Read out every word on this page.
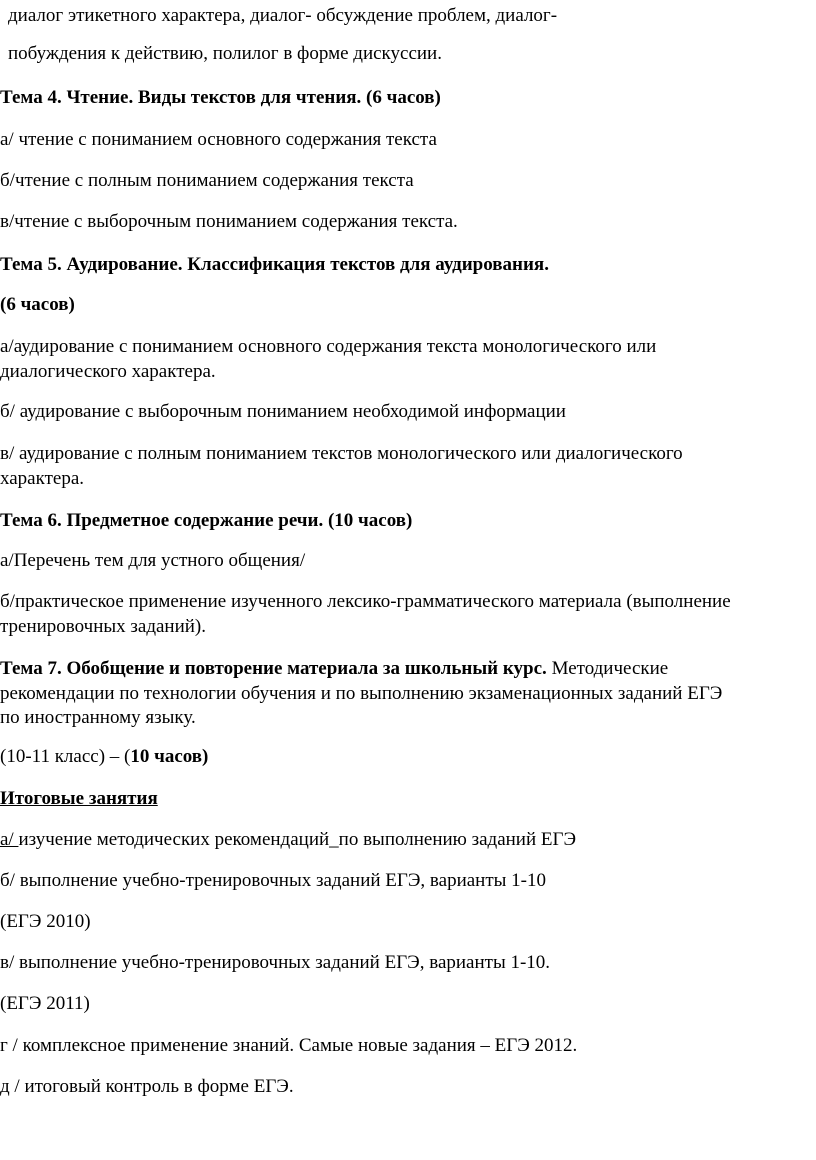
диалог этикетного характера, диалог- обсуждение проблем, диалог-

побуждения к действию, полилог в форме дискуссии.

Тема 4. Чтение. Виды текстов для чтения. (6 часов)

а/ чтение с пониманием основного содержания текста

б/чтение с полным пониманием содержания текста

в/чтение с выборочным пониманием содержания текста.

Тема 5. Аудирование. Классификация текстов для аудирования.

(6 часов)

а/аудирование с пониманием основного содержания текста монологического или

диалогического характера.

б/ аудирование с выборочным пониманием необходимой информации

в/ аудирование с полным пониманием текстов монологического или диалогического

характера.

Тема 6. Предметное содержание речи. (10 часов)

а/Перечень тем для устного общения/

б/практическое применение изученного лексико-грамматического материала (выполнение

тренировочных заданий).

Тема 7. Обобщение и повторение материала за школьный курс. Методические

рекомендации по технологии обучения и по выполнению экзаменационных заданий ЕГЭ

по иностранному языку.

(10-11 класс) – (10 часов)

Итоговые занятия

а/ изучение методических рекомендаций_по выполнению заданий ЕГЭ

б/ выполнение учебно-тренировочных заданий ЕГЭ, варианты 1-10

(ЕГЭ 2010)

в/ выполнение учебно-тренировочных заданий ЕГЭ, варианты 1-10.

(ЕГЭ 2011)

г / комплексное применение знаний. Самые новые задания – ЕГЭ 2012.

д / итоговый контроль в форме ЕГЭ.
